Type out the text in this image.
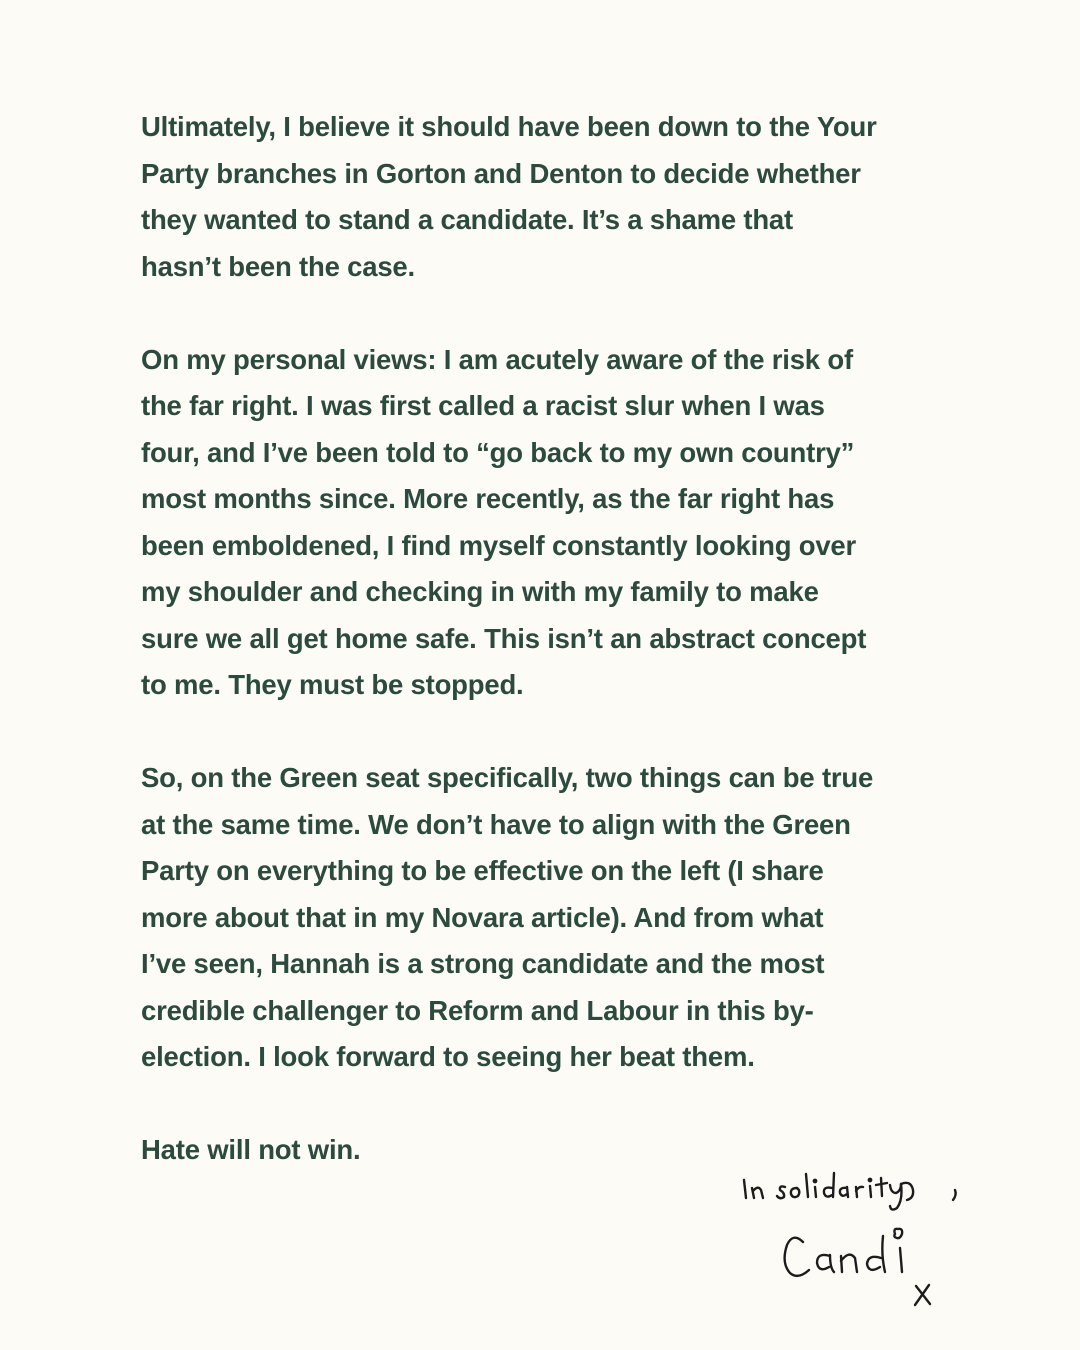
Ultimately, I believe it should have been down to the Your
Party branches in Gorton and Denton to decide whether
they wanted to stand a candidate. It’s a shame that
hasn’t been the case.

On my personal views: I am acutely aware of the risk of
the far right. I was first called a racist slur when I was
four, and I’ve been told to “go back to my own country”
most months since. More recently, as the far right has
been emboldened, I find myself constantly looking over
my shoulder and checking in with my family to make
sure we all get home safe. This isn’t an abstract concept
to me. They must be stopped.

So, on the Green seat specifically, two things can be true
at the same time. We don’t have to align with the Green
Party on everything to be effective on the left (I share
more about that in my Novara article). And from what
I’ve seen, Hannah is a strong candidate and the most
credible challenger to Reform and Labour in this by-
election. I look forward to seeing her beat them.

Hate will not win.
